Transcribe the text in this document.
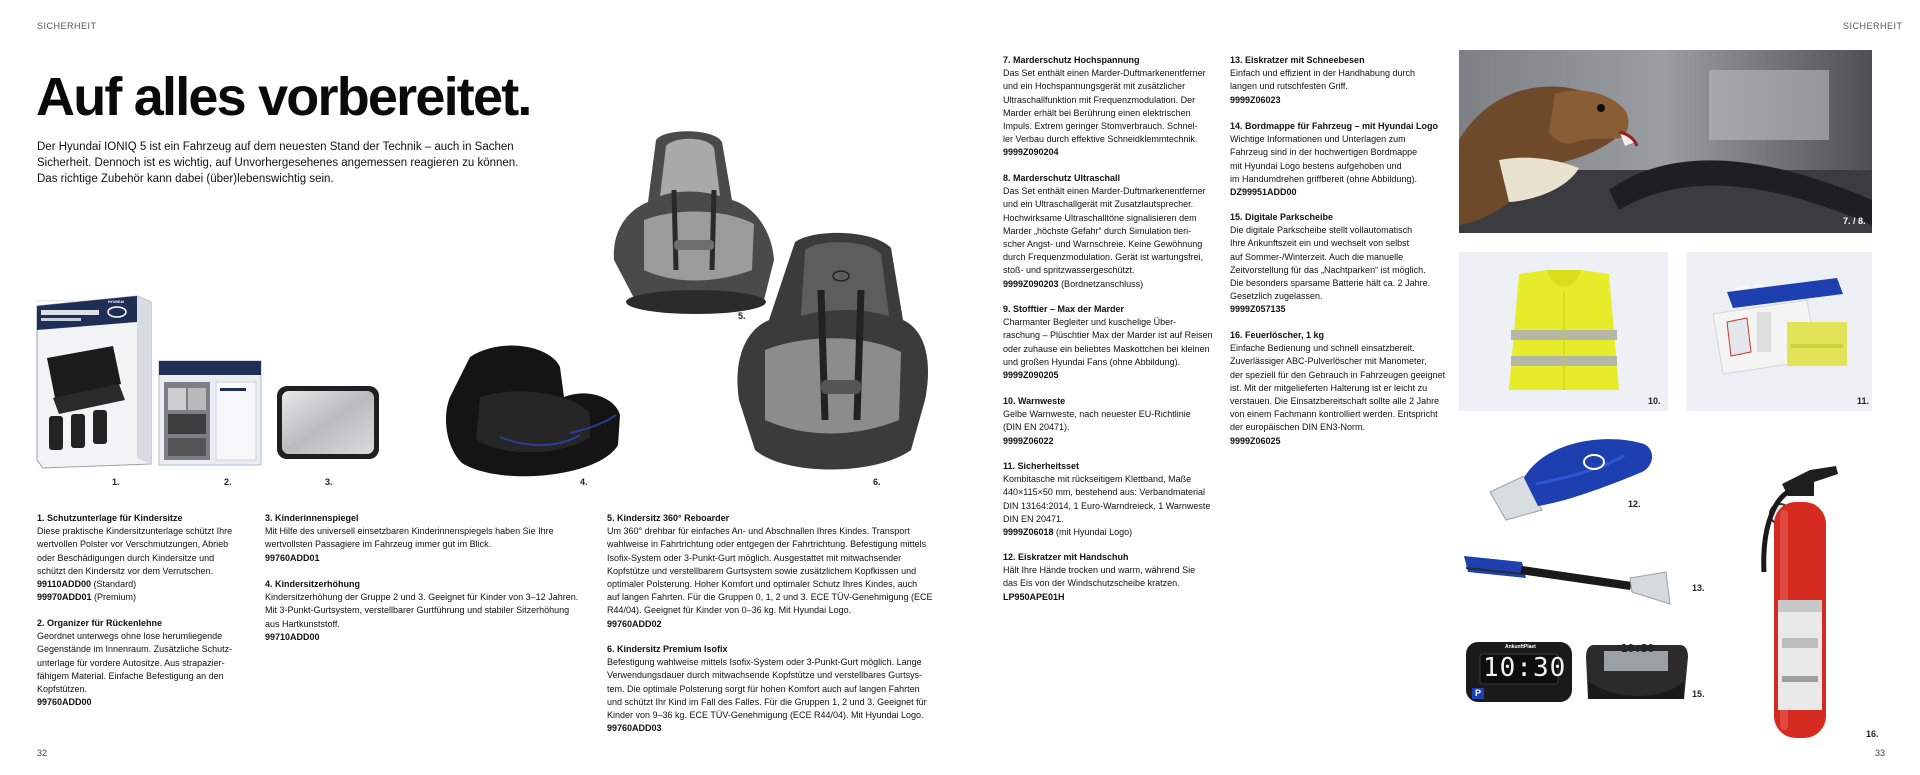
SICHERHEIT	SICHERHEIT
Auf alles vorbereitet.

Der Hyundai IONIQ 5 ist ein Fahrzeug auf dem neuesten Stand der Technik – auch in Sachen
Sicherheit. Dennoch ist es wichtig, auf Unvorhergesehenes angemessen reagieren zu können.
Das richtige Zubehör kann dabei (über)lebenswichtig sein.

Schutzunterlage Premium
Seat Protection Premium	HYUNDAI
1.	2.	3.	4.
5.
6.
1. Schutzunterlage für Kindersitze
Diese praktische Kindersitzunterlage schützt Ihre
wertvollen Polster vor Verschmutzungen, Abrieb
oder Beschädigungen durch Kindersitze und
schützt den Kindersitz vor dem Verrutschen.
99110ADD00 (Standard)
99970ADD01 (Premium)
2. Organizer für Rückenlehne
Geordnet unterwegs ohne lose herumliegende
Gegenstände im Innenraum. Zusätzliche Schutz-
unterlage für vordere Autositze. Aus strapazier-
fähigem Material. Einfache Befestigung an den
Kopfstützen.
99760ADD00
3. Kinderinnenspiegel
Mit Hilfe des universell einsetzbaren Kinderinnenspiegels haben Sie Ihre
wertvollsten Passagiere im Fahrzeug immer gut im Blick.
99760ADD01
4. Kindersitzerhöhung
Kindersitzerhöhung der Gruppe 2 und 3. Geeignet für Kinder von 3–12 Jahren.
Mit 3-Punkt-Gurtsystem, verstellbarer Gurtführung und stabiler Sitzerhöhung
aus Hartkunststoff.
99710ADD00
5. Kindersitz 360° Reboarder
Um 360° drehbar für einfaches An- und Abschnallen Ihres Kindes. Transport
wahlweise in Fahrtrichtung oder entgegen der Fahrtrichtung. Befestigung mittels
Isofix-System oder 3-Punkt-Gurt möglich. Ausgestattet mit mitwachsender
Kopfstütze und verstellbarem Gurtsystem sowie zusätzlichem Kopfkissen und
optimaler Polsterung. Hoher Komfort und optimaler Schutz Ihres Kindes, auch
auf langen Fahrten. Für die Gruppen 0, 1, 2 und 3. ECE TÜV-Genehmigung (ECE
R44/04). Geeignet für Kinder von 0–36 kg. Mit Hyundai Logo.
99760ADD02
6. Kindersitz Premium Isofix
Befestigung wahlweise mittels Isofix-System oder 3-Punkt-Gurt möglich. Lange
Verwendungsdauer durch mitwachsende Kopfstütze und verstellbares Gurtsys-
tem. Die optimale Polsterung sorgt für hohen Komfort auch auf langen Fahrten
und schützt Ihr Kind im Fall des Falles. Für die Gruppen 1, 2 und 3. Geeignet für
Kinder von 9–36 kg. ECE TÜV-Genehmigung (ECE R44/04). Mit Hyundai Logo.
99760ADD03
32
7. Marderschutz Hochspannung
Das Set enthält einen Marder-Duftmarkenentferner
und ein Hochspannungsgerät mit zusätzlicher
Ultraschallfunktion mit Frequenzmodulation. Der
Marder erhält bei Berührung einen elektrischen
Impuls. Extrem geringer Stomverbrauch. Schnel-
ler Verbau durch effektive Schneidklemmtechnik.
9999Z090204
8. Marderschutz Ultraschall
Das Set enthält einen Marder-Duftmarkenentferner
und ein Ultraschallgerät mit Zusatzlautsprecher.
Hochwirksame Ultraschalltöne signalisieren dem
Marder „höchste Gefahr“ durch Simulation tieri-
scher Angst- und Warnschreie. Keine Gewöhnung
durch Frequenzmodulation. Gerät ist wartungsfrei,
stoß- und spritzwassergeschützt.
9999Z090203 (Bordnetzanschluss)
9. Stofftier – Max der Marder
Charmanter Begleiter und kuschelige Über-
raschung – Plüschtier Max der Marder ist auf Reisen
oder zuhause ein beliebtes Maskottchen bei kleinen
und großen Hyundai Fans (ohne Abbildung).
9999Z090205
10. Warnweste
Gelbe Warnweste, nach neuester EU-Richtlinie
(DIN EN 20471).
9999Z06022
11. Sicherheitsset
Kombitasche mit rückseitigem Klettband, Maße
440×115×50 mm, bestehend aus: Verbandmaterial
DIN 13164:2014, 1 Euro-Warndreieck, 1 Warnweste
DIN EN 20471.
9999Z06018 (mit Hyundai Logo)
12. Eiskratzer mit Handschuh
Hält Ihre Hände trocken und warm, während Sie
das Eis von der Windschutzscheibe kratzen.
LP950APE01H
13. Eiskratzer mit Schneebesen
Einfach und effizient in der Handhabung durch
langen und rutschfesten Griff.
9999Z06023
14. Bordmappe für Fahrzeug – mit Hyundai Logo
Wichtige Informationen und Unterlagen zum
Fahrzeug sind in der hochwertigen Bordmappe
mit Hyundai Logo bestens aufgehoben und
im Handumdrehen griffbereit (ohne Abbildung).
DZ99951ADD00
15. Digitale Parkscheibe
Die digitale Parkscheibe stellt vollautomatisch
Ihre Ankunftszeit ein und wechselt von selbst
auf Sommer-/Winterzeit. Auch die manuelle
Zeitvorstellung für das „Nachtparken“ ist möglich.
Die besonders sparsame Batterie hält ca. 2 Jahre.
Gesetzlich zugelassen.
9999Z057135
16. Feuerlöscher, 1 kg
Einfache Bedienung und schnell einsatzbereit.
Zuverlässiger ABC-Pulverlöscher mit Manometer,
der speziell für den Gebrauch in Fahrzeugen geeignet
ist. Mit der mitgelieferten Halterung ist er leicht zu
verstauen. Die Einsatzbereitschaft sollte alle 2 Jahre
von einem Fachmann kontrolliert werden. Entspricht
der europäischen DIN EN3-Norm.
9999Z06025
7. / 8.
10.
Safety - Bag
11.
12.
13.
AnkunftPlaet
10:30
P
10:30
15.
16.
33
